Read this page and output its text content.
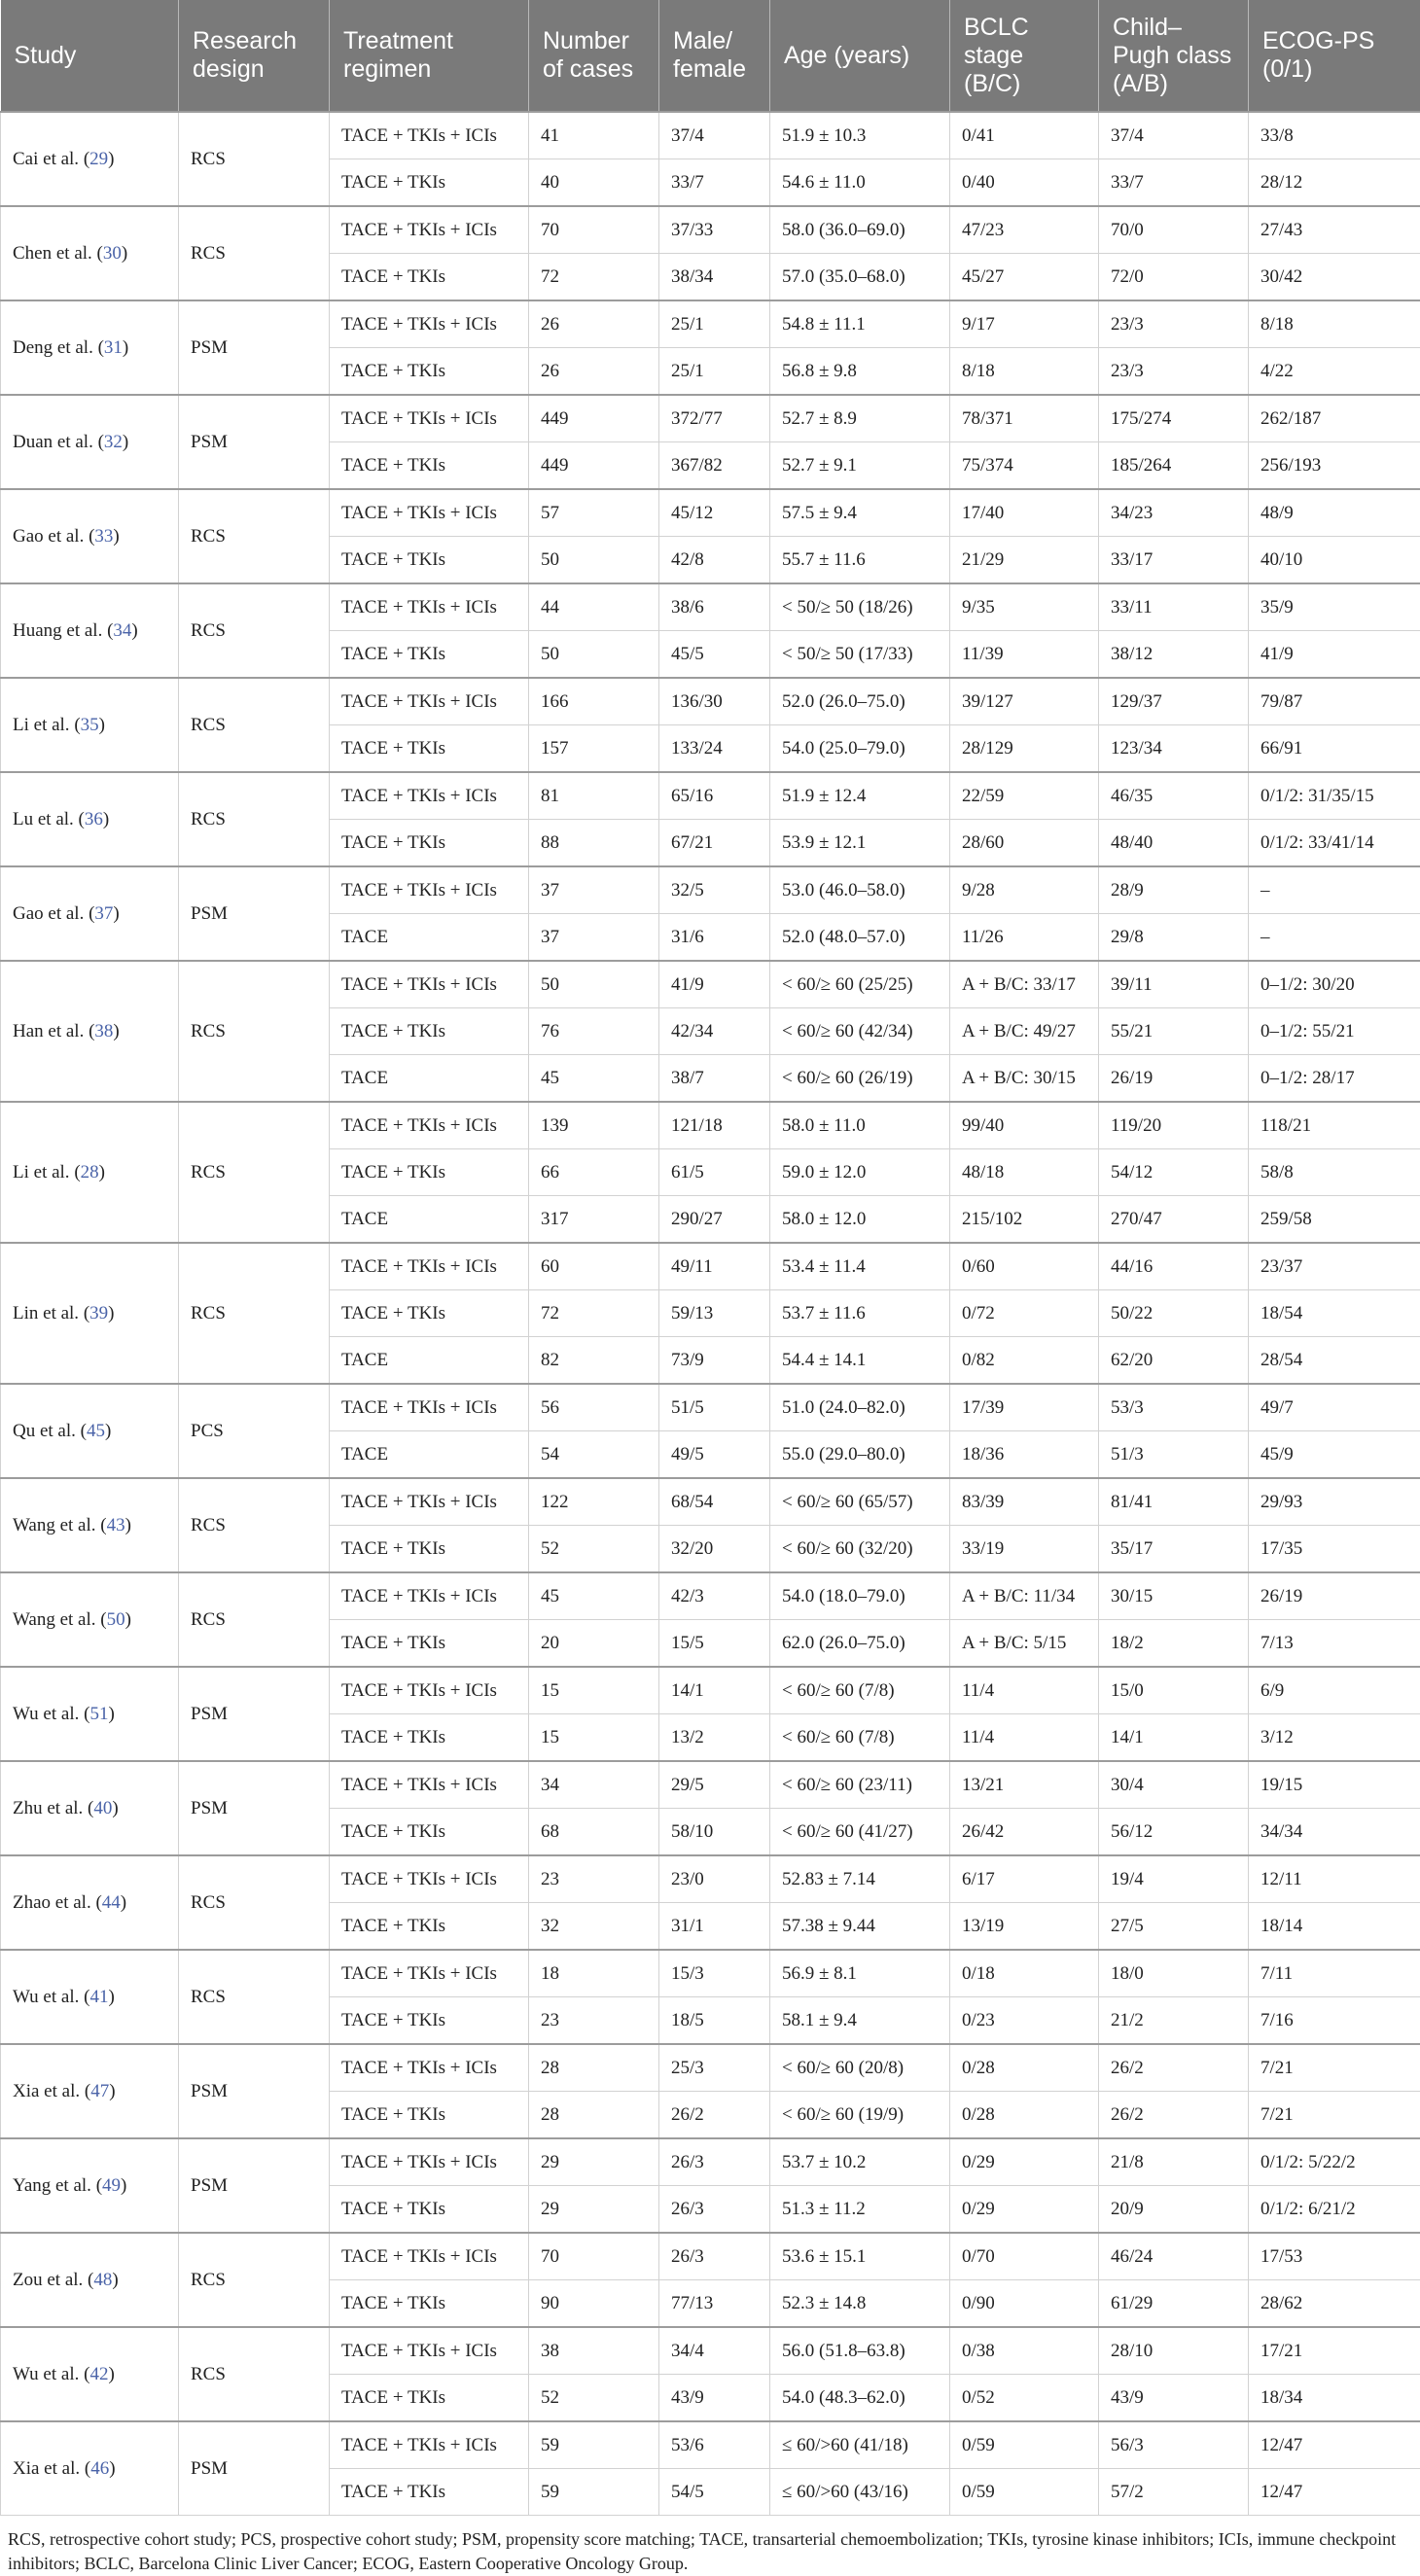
Study	Research design	Treatment regimen	Number of cases	Male/ female	Age (years)	BCLC stage (B/C)	Child–Pugh class (A/B)	ECOG-PS (0/1)
Cai et al. (29)	RCS	TACE + TKIs + ICIs	41	37/4	51.9 ± 10.3	0/41	37/4	33/8
		TACE + TKIs	40	33/7	54.6 ± 11.0	0/40	33/7	28/12
Chen et al. (30)	RCS	TACE + TKIs + ICIs	70	37/33	58.0 (36.0–69.0)	47/23	70/0	27/43
		TACE + TKIs	72	38/34	57.0 (35.0–68.0)	45/27	72/0	30/42
Deng et al. (31)	PSM	TACE + TKIs + ICIs	26	25/1	54.8 ± 11.1	9/17	23/3	8/18
		TACE + TKIs	26	25/1	56.8 ± 9.8	8/18	23/3	4/22
Duan et al. (32)	PSM	TACE + TKIs + ICIs	449	372/77	52.7 ± 8.9	78/371	175/274	262/187
		TACE + TKIs	449	367/82	52.7 ± 9.1	75/374	185/264	256/193
Gao et al. (33)	RCS	TACE + TKIs + ICIs	57	45/12	57.5 ± 9.4	17/40	34/23	48/9
		TACE + TKIs	50	42/8	55.7 ± 11.6	21/29	33/17	40/10
Huang et al. (34)	RCS	TACE + TKIs + ICIs	44	38/6	< 50/≥ 50 (18/26)	9/35	33/11	35/9
		TACE + TKIs	50	45/5	< 50/≥ 50 (17/33)	11/39	38/12	41/9
Li et al. (35)	RCS	TACE + TKIs + ICIs	166	136/30	52.0 (26.0–75.0)	39/127	129/37	79/87
		TACE + TKIs	157	133/24	54.0 (25.0–79.0)	28/129	123/34	66/91
Lu et al. (36)	RCS	TACE + TKIs + ICIs	81	65/16	51.9 ± 12.4	22/59	46/35	0/1/2: 31/35/15
		TACE + TKIs	88	67/21	53.9 ± 12.1	28/60	48/40	0/1/2: 33/41/14
Gao et al. (37)	PSM	TACE + TKIs + ICIs	37	32/5	53.0 (46.0–58.0)	9/28	28/9	–
		TACE	37	31/6	52.0 (48.0–57.0)	11/26	29/8	–
Han et al. (38)	RCS	TACE + TKIs + ICIs	50	41/9	< 60/≥ 60 (25/25)	A + B/C: 33/17	39/11	0–1/2: 30/20
		TACE + TKIs	76	42/34	< 60/≥ 60 (42/34)	A + B/C: 49/27	55/21	0–1/2: 55/21
		TACE	45	38/7	< 60/≥ 60 (26/19)	A + B/C: 30/15	26/19	0–1/2: 28/17
Li et al. (28)	RCS	TACE + TKIs + ICIs	139	121/18	58.0 ± 11.0	99/40	119/20	118/21
		TACE + TKIs	66	61/5	59.0 ± 12.0	48/18	54/12	58/8
		TACE	317	290/27	58.0 ± 12.0	215/102	270/47	259/58
Lin et al. (39)	RCS	TACE + TKIs + ICIs	60	49/11	53.4 ± 11.4	0/60	44/16	23/37
		TACE + TKIs	72	59/13	53.7 ± 11.6	0/72	50/22	18/54
		TACE	82	73/9	54.4 ± 14.1	0/82	62/20	28/54
Qu et al. (45)	PCS	TACE + TKIs + ICIs	56	51/5	51.0 (24.0–82.0)	17/39	53/3	49/7
		TACE	54	49/5	55.0 (29.0–80.0)	18/36	51/3	45/9
Wang et al. (43)	RCS	TACE + TKIs + ICIs	122	68/54	< 60/≥ 60 (65/57)	83/39	81/41	29/93
		TACE + TKIs	52	32/20	< 60/≥ 60 (32/20)	33/19	35/17	17/35
Wang et al. (50)	RCS	TACE + TKIs + ICIs	45	42/3	54.0 (18.0–79.0)	A + B/C: 11/34	30/15	26/19
		TACE + TKIs	20	15/5	62.0 (26.0–75.0)	A + B/C: 5/15	18/2	7/13
Wu et al. (51)	PSM	TACE + TKIs + ICIs	15	14/1	< 60/≥ 60 (7/8)	11/4	15/0	6/9
		TACE + TKIs	15	13/2	< 60/≥ 60 (7/8)	11/4	14/1	3/12
Zhu et al. (40)	PSM	TACE + TKIs + ICIs	34	29/5	< 60/≥ 60 (23/11)	13/21	30/4	19/15
		TACE + TKIs	68	58/10	< 60/≥ 60 (41/27)	26/42	56/12	34/34
Zhao et al. (44)	RCS	TACE + TKIs + ICIs	23	23/0	52.83 ± 7.14	6/17	19/4	12/11
		TACE + TKIs	32	31/1	57.38 ± 9.44	13/19	27/5	18/14
Wu et al. (41)	RCS	TACE + TKIs + ICIs	18	15/3	56.9 ± 8.1	0/18	18/0	7/11
		TACE + TKIs	23	18/5	58.1 ± 9.4	0/23	21/2	7/16
Xia et al. (47)	PSM	TACE + TKIs + ICIs	28	25/3	< 60/≥ 60 (20/8)	0/28	26/2	7/21
		TACE + TKIs	28	26/2	< 60/≥ 60 (19/9)	0/28	26/2	7/21
Yang et al. (49)	PSM	TACE + TKIs + ICIs	29	26/3	53.7 ± 10.2	0/29	21/8	0/1/2: 5/22/2
		TACE + TKIs	29	26/3	51.3 ± 11.2	0/29	20/9	0/1/2: 6/21/2
Zou et al. (48)	RCS	TACE + TKIs + ICIs	70	26/3	53.6 ± 15.1	0/70	46/24	17/53
		TACE + TKIs	90	77/13	52.3 ± 14.8	0/90	61/29	28/62
Wu et al. (42)	RCS	TACE + TKIs + ICIs	38	34/4	56.0 (51.8–63.8)	0/38	28/10	17/21
		TACE + TKIs	52	43/9	54.0 (48.3–62.0)	0/52	43/9	18/34
Xia et al. (46)	PSM	TACE + TKIs + ICIs	59	53/6	≤ 60/>60 (41/18)	0/59	56/3	12/47
		TACE + TKIs	59	54/5	≤ 60/>60 (43/16)	0/59	57/2	12/47
RCS, retrospective cohort study; PCS, prospective cohort study; PSM, propensity score matching; TACE, transarterial chemoembolization; TKIs, tyrosine kinase inhibitors; ICIs, immune checkpoint inhibitors; BCLC, Barcelona Clinic Liver Cancer; ECOG, Eastern Cooperative Oncology Group.
